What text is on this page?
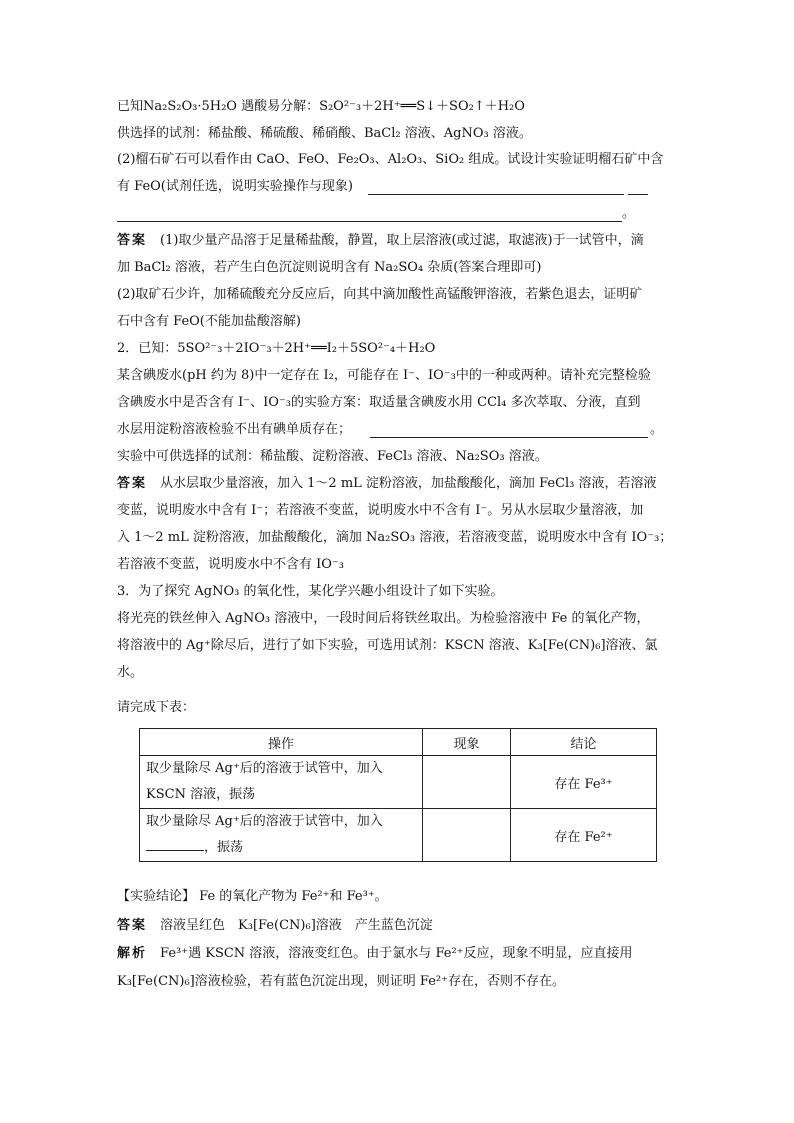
已知Na₂S₂O₃·5H₂O 遇酸易分解：S₂O²⁻₃＋2H⁺══S↓＋SO₂↑＋H₂O
供选择的试剂：稀盐酸、稀硫酸、稀硝酸、BaCl₂ 溶液、AgNO₃ 溶液。
(2)榴石矿石可以看作由 CaO、FeO、Fe₂O₃、Al₂O₃、SiO₂ 组成。试设计实验证明榴石矿中含
有 FeO(试剂任选，说明实验操作与现象)
。
答案　 (1)取少量产品溶于足量稀盐酸，静置，取上层溶液(或过滤，取滤液)于一试管中，滴
加 BaCl₂ 溶液，若产生白色沉淀则说明含有 Na₂SO₄ 杂质(答案合理即可)
(2)取矿石少许，加稀硫酸充分反应后，向其中滴加酸性高锰酸钾溶液，若紫色退去，证明矿
石中含有 FeO(不能加盐酸溶解)
2．已知：5SO²⁻₃＋2IO⁻₃＋2H⁺══I₂＋5SO²⁻₄＋H₂O
某含碘废水(pH 约为 8)中一定存在 I₂，可能存在 I⁻、IO⁻₃中的一种或两种。请补充完整检验
含碘废水中是否含有 I⁻、IO⁻₃的实验方案：取适量含碘废水用 CCl₄ 多次萃取、分液，直到
水层用淀粉溶液检验不出有碘单质存在；	。
实验中可供选择的试剂：稀盐酸、淀粉溶液、FeCl₃ 溶液、Na₂SO₃ 溶液。
答案　 从水层取少量溶液，加入 1～2 mL 淀粉溶液，加盐酸酸化，滴加 FeCl₃ 溶液，若溶液
变蓝，说明废水中含有 I⁻；若溶液不变蓝，说明废水中不含有 I⁻。另从水层取少量溶液，加
入 1～2 mL 淀粉溶液，加盐酸酸化，滴加 Na₂SO₃ 溶液，若溶液变蓝，说明废水中含有 IO⁻₃；
若溶液不变蓝，说明废水中不含有 IO⁻₃
3．为了探究 AgNO₃ 的氧化性，某化学兴趣小组设计了如下实验。
将光亮的铁丝伸入 AgNO₃ 溶液中，一段时间后将铁丝取出。为检验溶液中 Fe 的氧化产物，
将溶液中的 Ag⁺除尽后，进行了如下实验，可选用试剂：KSCN 溶液、K₃[Fe(CN)₆]溶液、氯
水。
请完成下表：
操作	现象	结论

取少量除尽 Ag⁺后的溶液于试管中，加入
KSCN 溶液，振荡		存在 Fe³⁺

取少量除尽 Ag⁺后的溶液于试管中，加入
，振荡		存在 Fe²⁺
【实验结论】 Fe 的氧化产物为 Fe²⁺和 Fe³⁺。
答案　 溶液呈红色　K₃[Fe(CN)₆]溶液　产生蓝色沉淀
解析　 Fe³⁺遇 KSCN 溶液，溶液变红色。由于氯水与 Fe²⁺反应，现象不明显，应直接用
K₃[Fe(CN)₆]溶液检验，若有蓝色沉淀出现，则证明 Fe²⁺存在，否则不存在。
